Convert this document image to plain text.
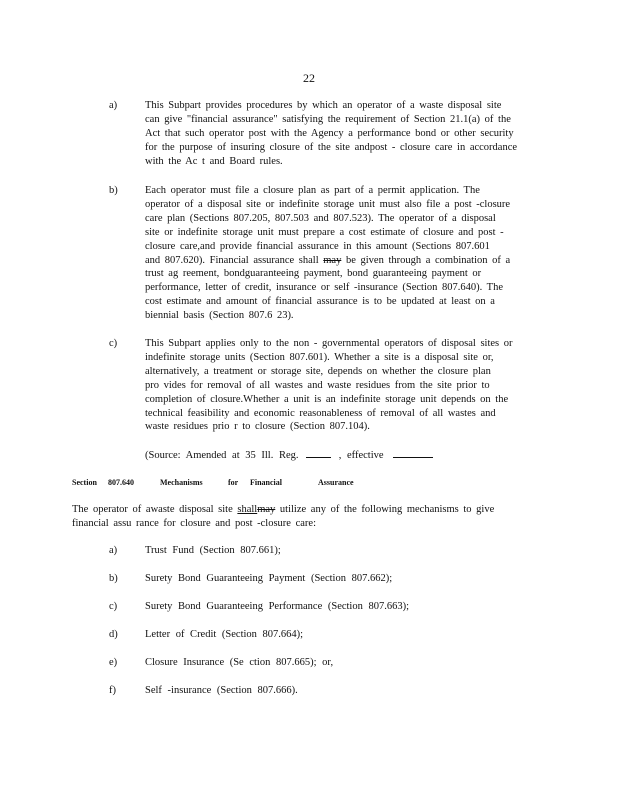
22
a)	This Subpart provides procedures by which an operator of a waste disposal site
can give "financial assurance" satisfying the requirement of Section 21.1(a) of the
Act that such operator post with the Agency a performance bond or other security
for the purpose of insuring closure of the site andpost - closure care in accordance
with the Ac t and Board rules.
b)	Each operator must file a closure plan as part of a permit application. The
operator of a disposal site or indefinite storage unit must also file a post -closure
care plan (Sections 807.205, 807.503 and 807.523). The operator of a disposal
site or indefinite storage unit must prepare a cost estimate of closure and post -
closure care,and provide financial assurance in this amount (Sections 807.601
and 807.620). Financial assurance shall may be given through a combination of a
trust ag reement, bondguaranteeing payment, bond guaranteeing payment or
performance, letter of credit, insurance or self -insurance (Section 807.640). The
cost estimate and amount of financial assurance is to be updated at least on a
biennial basis (Section 807.6 23).
c)	This Subpart applies only to the non - governmental operators of disposal sites or
indefinite storage units (Section 807.601). Whether a site is a disposal site or,
alternatively, a treatment or storage site, depends on whether the closure plan
pro vides for removal of all wastes and waste residues from the site prior to
completion of closure.Whether a unit is an indefinite storage unit depends on the
technical feasibility and economic reasonableness of removal of all wastes and
waste residues prio r to closure (Section 807.104).
(Source: Amended at 35 Ill. Reg.	, effective
Section 807.640	Mechanisms	for Financial	Assurance
The operator of awaste disposal site shallmay utilize any of the following mechanisms to give
financial assu rance for closure and post -closure care:
a)	Trust Fund (Section 807.661);
b)	Surety Bond Guaranteeing Payment (Section 807.662);
c)	Surety Bond Guaranteeing Performance (Section 807.663);
d)	Letter of Credit (Section 807.664);
e)	Closure Insurance (Se ction 807.665); or,
f)	Self -insurance (Section 807.666).
